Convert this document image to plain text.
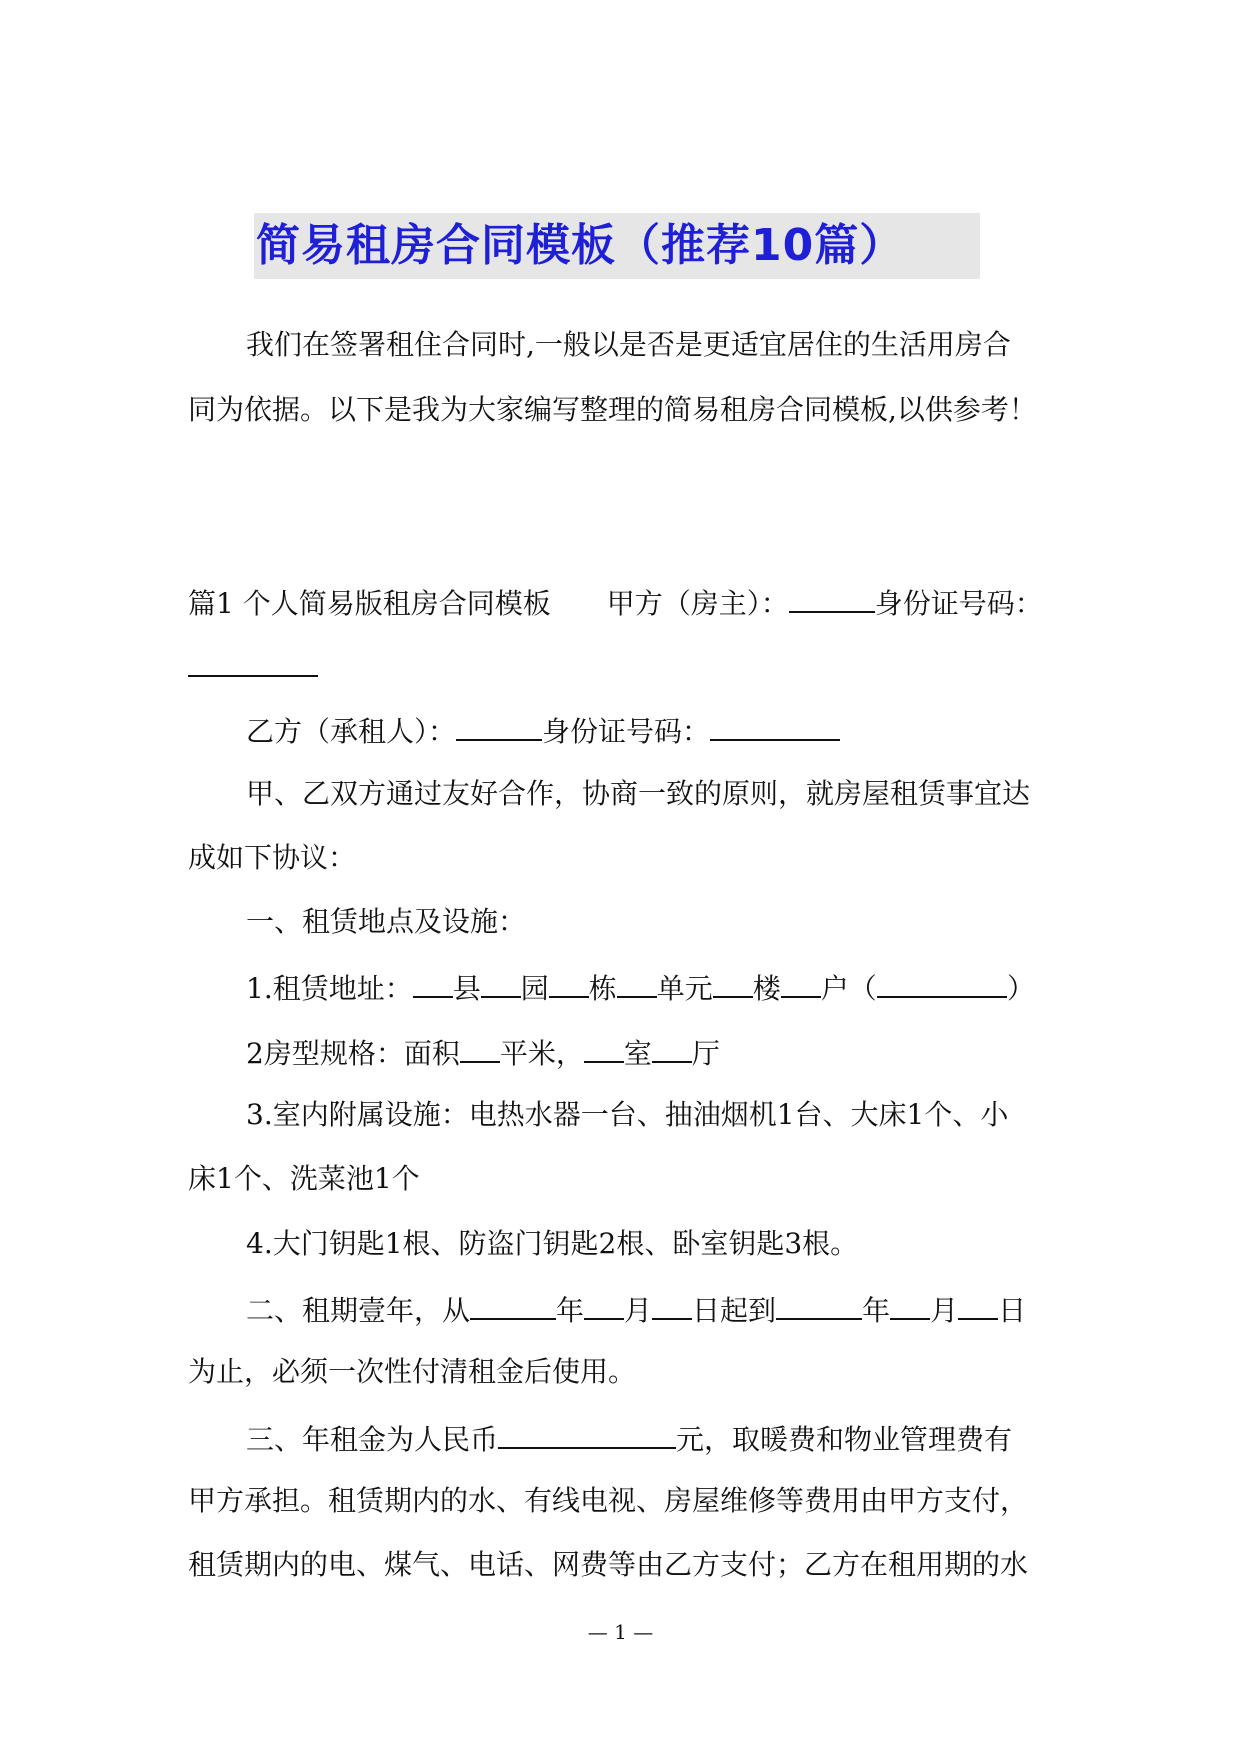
简易租房合同模板（推荐10篇）
我们在签署租住合同时,一般以是否是更适宜居住的生活用房合
同为依据。以下是我为大家编写整理的简易租房合同模板,以供参考！
篇1 个人简易版租房合同模板 甲方（房主）：	身份证号码：
乙方（承租人）：	身份证号码：
甲、乙双方通过友好合作，协商一致的原则，就房屋租赁事宜达
成如下协议：
一、租赁地点及设施：
1.租赁地址： 县 园 栋 单元 楼 户（	）
2房型规格：面积 平米， 室 厅
3.室内附属设施：电热水器一台、抽油烟机1台、大床1个、小
床1个、洗菜池1个
4.大门钥匙1根、防盗门钥匙2根、卧室钥匙3根。
二、租期壹年，从	年 月 日起到	年 月 日
为止，必须一次性付清租金后使用。
三、年租金为人民币	元，取暖费和物业管理费有
甲方承担。租赁期内的水、有线电视、房屋维修等费用由甲方支付，
租赁期内的电、煤气、电话、网费等由乙方支付；乙方在租用期的水
— 1 —
